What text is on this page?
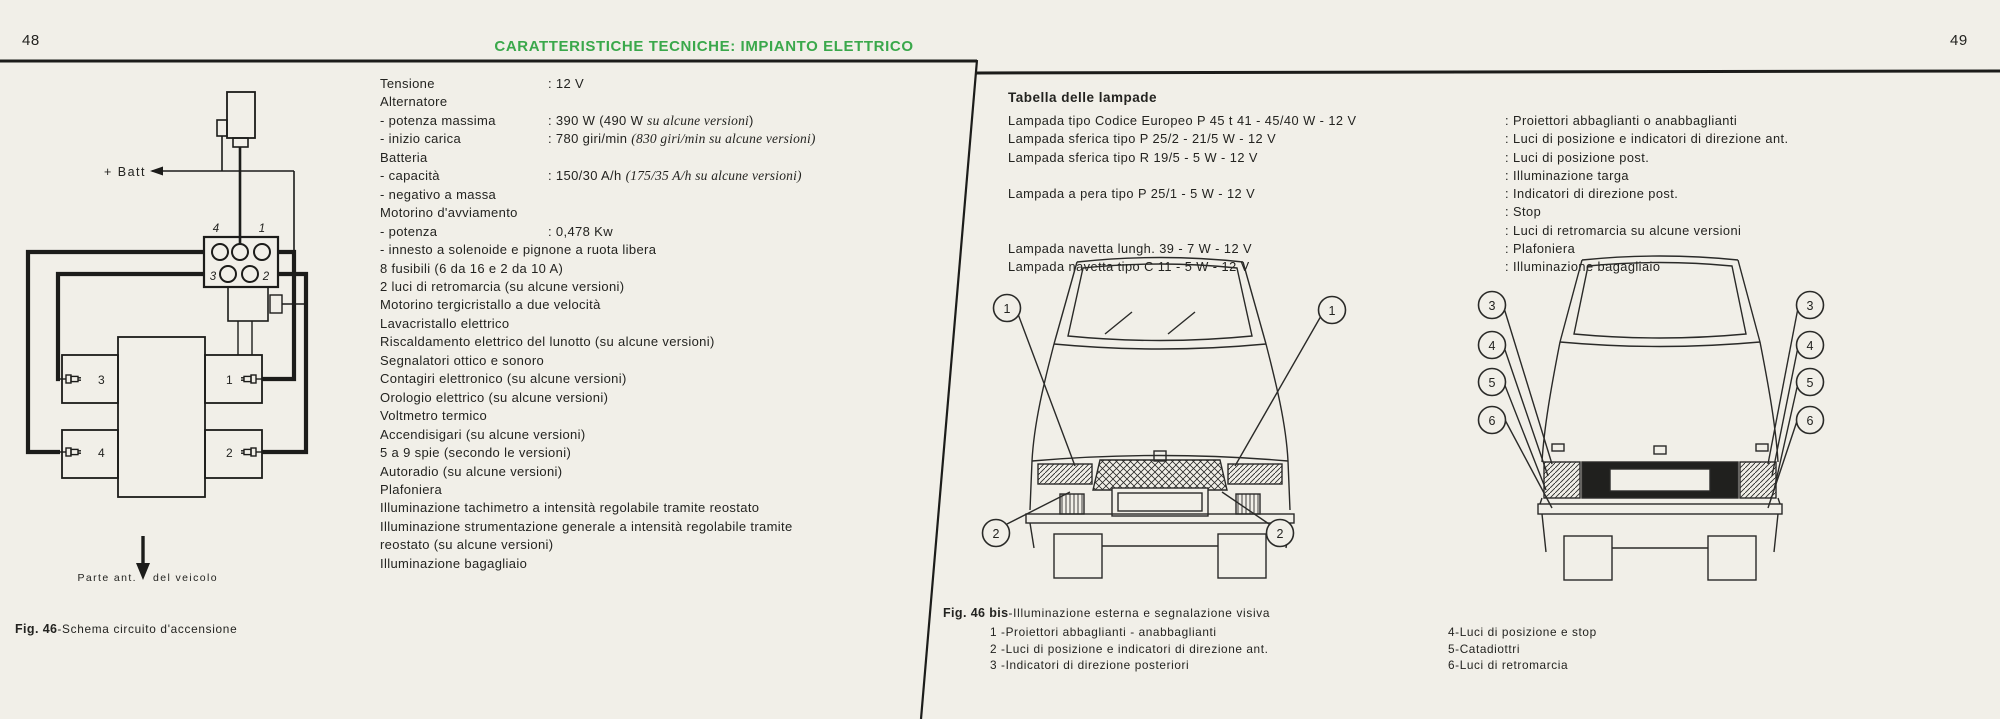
48	CARATTERISTICHE TECNICHE: IMPIANTO ELETTRICO
+ Batt
4	1
3	2
3	1
4	2
Parte ant. del veicolo
Tensione	: 12 V
Alternatore
- potenza massima	: 390 W (490 W su alcune versioni)
- inizio carica	: 780 giri/min (830 giri/min su alcune versioni)
Batteria
- capacità	: 150/30 A/h (175/35 A/h su alcune versioni)
- negativo a massa
Motorino d'avviamento
- potenza	: 0,478 Kw
- innesto a solenoide e pignone a ruota libera
8 fusibili (6 da 16 e 2 da 10 A)
2 luci di retromarcia (su alcune versioni)
Motorino tergicristallo a due velocità
Lavacristallo elettrico
Riscaldamento elettrico del lunotto (su alcune versioni)
Segnalatori ottico e sonoro
Contagiri elettronico (su alcune versioni)
Orologio elettrico (su alcune versioni)
Voltmetro termico
Accendisigari (su alcune versioni)
5 a 9 spie (secondo le versioni)
Autoradio (su alcune versioni)
Plafoniera
Illuminazione tachimetro a intensità regolabile tramite reostato
Illuminazione strumentazione generale a intensità regolabile tramite
reostato (su alcune versioni)
Illuminazione bagagliaio
Fig. 46-Schema circuito d'accensione
49
Tabella delle lampade
Lampada tipo Codice Europeo P 45 t 41 - 45/40 W - 12 V	: Proiettori abbaglianti o anabbaglianti
Lampada sferica tipo P 25/2 - 21/5 W - 12 V	: Luci di posizione e indicatori di direzione ant.
Lampada sferica tipo R 19/5 - 5 W - 12 V	: Luci di posizione post.
: Illuminazione targa
Lampada a pera tipo P 25/1 - 5 W - 12 V	: Indicatori di direzione post.
: Stop
: Luci di retromarcia su alcune versioni
Lampada navetta lungh. 39 - 7 W - 12 V	: Plafoniera
Lampada navetta tipo C 11 - 5 W - 12 V	: Illuminazione bagagliaio
1	1
2	2
3
4
5
6
3
4
5
6
Fig. 46 bis-Illuminazione esterna e segnalazione visiva
1 -Proiettori abbaglianti - anabbaglianti
2 -Luci di posizione e indicatori di direzione ant.
3 -Indicatori di direzione posteriori
4-Luci di posizione e stop
5-Catadiottri
6-Luci di retromarcia
